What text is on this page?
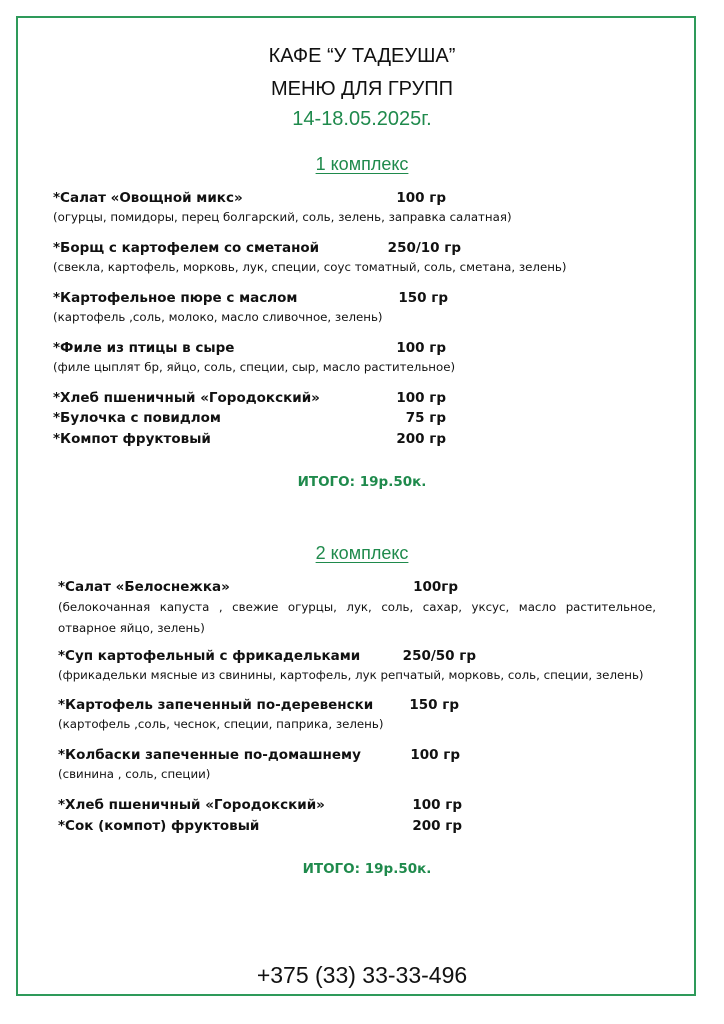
КАФЕ “У ТАДЕУША”
МЕНЮ ДЛЯ ГРУПП
14-18.05.2025г.
1 комплекс
*Салат «Овощной микс»	100 гр
(огурцы, помидоры, перец болгарский, соль, зелень, заправка салатная)
*Борщ с картофелем со сметаной	250/10 гр
(свекла, картофель, морковь, лук, специи, соус томатный, соль, сметана, зелень)
*Картофельное пюре с маслом	150 гр
(картофель ,соль, молоко, масло сливочное, зелень)
*Филе из птицы в сыре	100 гр
(филе цыплят бр, яйцо, соль, специи, сыр, масло растительное)
*Хлеб пшеничный «Городокский»	100 гр
*Булочка с повидлом	75 гр
*Компот фруктовый	200 гр
ИТОГО: 19р.50к.
2 комплекс
*Салат «Белоснежка»	100гр
(белокочанная капуста , свежие огурцы, лук, соль, сахар, уксус, масло растительное, отварное яйцо, зелень)
*Суп картофельный с фрикадельками	250/50 гр
(фрикадельки мясные из свинины, картофель, лук репчатый, морковь, соль, специи, зелень)
*Картофель запеченный по-деревенски	150 гр
(картофель ,соль, чеснок, специи, паприка, зелень)
*Колбаски запеченные по-домашнему	100 гр
(свинина , соль, специи)
*Хлеб пшеничный «Городокский»	100 гр
*Сок (компот) фруктовый	200 гр
ИТОГО: 19р.50к.
+375 (33) 33-33-496
